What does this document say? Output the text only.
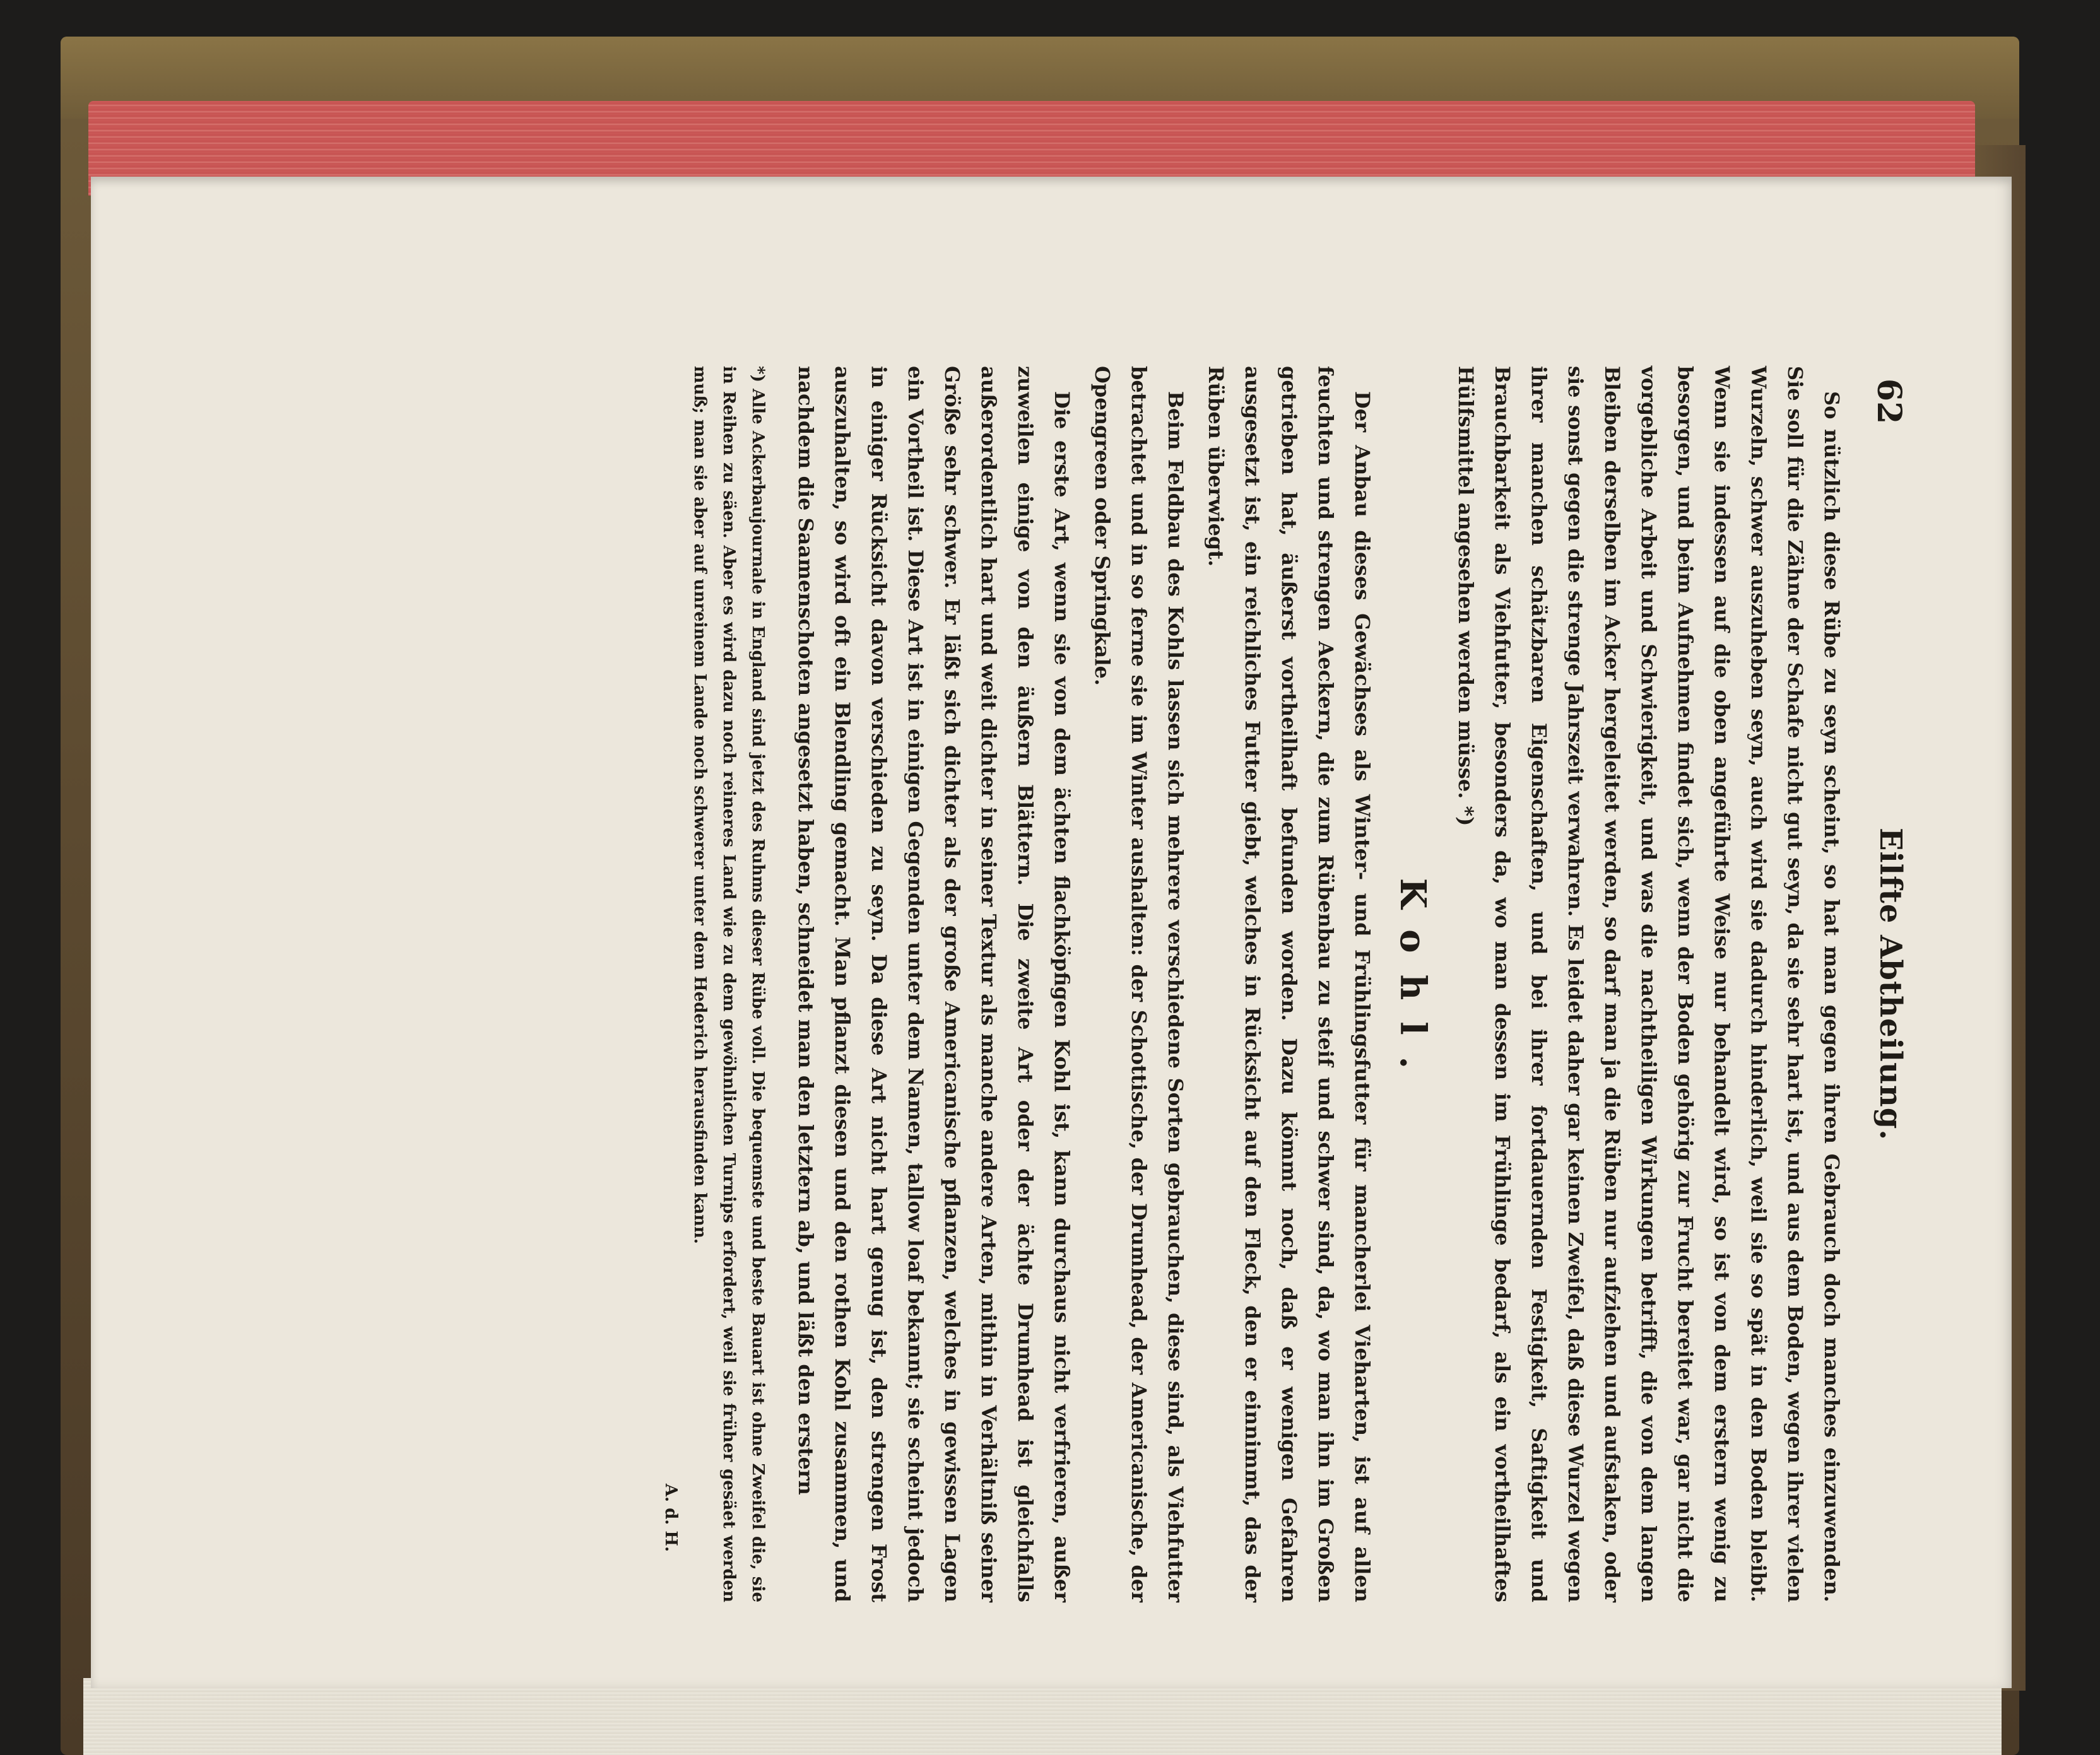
62
Eilfte Abtheilung.

So nützlich diese Rübe zu seyn scheint, so hat man gegen ihren Gebrauch doch manches einzuwenden. Sie soll für die Zähne der Schafe nicht gut seyn, da sie sehr hart ist, und aus dem Boden, wegen ihrer vielen Wurzeln, schwer auszuheben seyn, auch wird sie dadurch hinderlich, weil sie so spät in den Boden bleibt. Wenn sie indessen auf die oben angeführte Weise nur behandelt wird, so ist von dem erstern wenig zu besorgen, und beim Aufnehmen findet sich, wenn der Boden gehörig zur Frucht bereitet war, gar nicht die vorgebliche Arbeit und Schwierigkeit, und was die nachtheiligen Wirkungen betrifft, die von dem langen Bleiben derselben im Acker hergeleitet werden, so darf man ja die Rüben nur aufziehen und aufstaken, oder sie sonst gegen die strenge Jahrszeit verwahren. Es leidet daher gar keinen Zweifel, daß diese Wurzel wegen ihrer manchen schätzbaren Eigenschaften, und bei ihrer fortdauernden Festigkeit, Saftigkeit und Brauchbarkeit als Viehfutter, besonders da, wo man dessen im Frühlinge bedarf, als ein vortheilhaftes Hülfsmittel angesehen werden müsse. *)

Kohl.

Der Anbau dieses Gewächses als Winter- und Frühlingsfutter für mancherlei Vieharten, ist auf allen feuchten und strengen Aeckern, die zum Rübenbau zu steif und schwer sind, da, wo man ihn im Großen getrieben hat, äußerst vortheilhaft befunden worden. Dazu kömmt noch, daß er wenigen Gefahren ausgesetzt ist, ein reichliches Futter giebt, welches in Rücksicht auf den Fleck, den er einnimmt, das der Rüben überwiegt.

Beim Feldbau des Kohls lassen sich mehrere verschiedene Sorten gebrauchen, diese sind, als Viehfutter betrachtet und in so ferne sie im Winter aushalten: der Schottische, der Drumhead, der Americanische, der Opengreen oder Springkale.

Die erste Art, wenn sie von dem ächten flachköpfigen Kohl ist, kann durchaus nicht verfrieren, außer zuweilen einige von den äußern Blättern. Die zweite Art oder der ächte Drumhead ist gleichfalls außerordentlich hart und weit dichter in seiner Textur als manche andere Arten, mithin in Verhältniß seiner Größe sehr schwer. Er läßt sich dichter als der große Americanische pflanzen, welches in gewissen Lagen ein Vortheil ist. Diese Art ist in einigen Gegenden unter dem Namen, tallow loaf bekannt; sie scheint jedoch in einiger Rücksicht davon verschieden zu seyn. Da diese Art nicht hart genug ist, den strengen Frost auszuhalten, so wird oft ein Blendling gemacht. Man pflanzt diesen und den rothen Kohl zusammen, und nachdem die Saamenschoten angesetzt haben, schneidet man den letztern ab, und läßt den erstern

*) Alle Ackerbaujournale in England sind jetzt des Ruhms dieser Rübe voll. Die bequemste und beste Bauart ist ohne Zweifel die, sie in Reihen zu säen. Aber es wird dazu noch reineres Land wie zu dem gewöhnlichen Turnips erfordert, weil sie früher gesäet werden muß; man sie aber auf unreinem Lande noch schwerer unter dem Hederich herausfinden kann.
A. d. H.
